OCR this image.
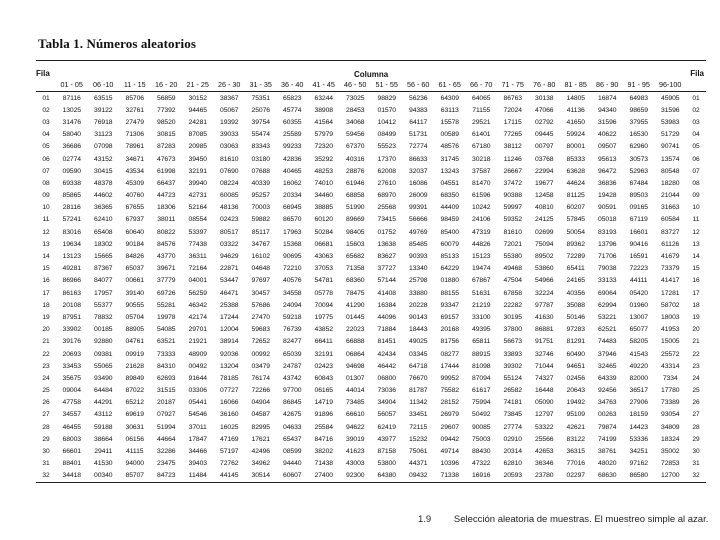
Tabla 1. Números aleatorios
Fila	Columna	Fila
01 - 05	06 -10	11 - 15	16 - 20	21 - 25	26 - 30	31 - 35	36 - 40	41 - 45	46 - 50	51 - 55	56 - 60	61 - 65	66 - 70	71 - 75	76 - 80	81 - 85	86 - 90	91 - 95	96-100
01	87116	63515	85706	56859	30152	38367	75351	65823	63244	73025	98829	56236	64309	64065	86763	30138	14805	16874	64983	45905	01
02	13025	39122	32761	77392	94465	05067	25076	45774	38908	28453	01570	94383	63113	71155	72024	47066	41136	94340	98659	31596	02
03	31476	76918	27479	98520	24281	19392	39754	60355	41564	34068	10412	64117	15578	29521	17115	02792	41650	31596	37955	53983	03
04	58040	31123	71306	30815	87085	39033	55474	25589	57979	59456	08499	51731	00589	61401	77265	09445	59924	40622	16530	51729	04
05	36686	07098	78961	87283	20985	03063	83343	99233	72320	67370	55523	72774	48576	67180	38112	00797	80001	09507	62960	90741	05
06	02774	43152	34671	47673	39450	81610	03180	42836	35292	40316	17370	86633	31745	30218	11246	03768	85333	95613	30573	13574	06
07	09590	30415	43534	61998	32191	07690	07688	40465	48253	28876	62008	32037	13243	37587	26667	22994	63628	96472	52963	80548	07
08	69338	48378	45309	66437	39940	08224	40339	16062	74010	61946	27610	16086	04551	81470	37472	19677	44624	36836	67484	18280	08
09	85865	44602	40760	44723	42731	60085	95257	20334	34460	68858	68970	26009	68350	61596	90388	12458	81125	19428	89503	21044	09
10	28116	36365	67655	18306	52164	48136	70003	66945	38885	51990	25568	99391	44409	10242	59997	40810	60207	90591	09165	31663	10
11	57241	62410	67937	38011	08554	02423	59882	86570	60120	89669	73415	56666	98459	24106	59352	24125	57845	05018	67119	60584	11
12	83016	65408	60640	80822	53397	80517	85117	17963	50284	98405	01752	49769	85400	47319	81610	02699	50054	83193	16601	83727	12
13	19634	18302	90184	84576	77438	03322	34767	15368	06681	15603	13638	85485	60079	44826	72021	75094	89362	13796	90416	61126	13
14	13123	15665	84826	43770	36311	94629	16102	90695	43063	65682	83627	90393	85133	15123	55380	89502	72289	71706	16591	41679	14
15	49281	87367	65037	39671	72164	22871	04648	72210	37053	71358	37727	13340	64229	19474	49468	53860	65411	79038	72223	73379	15
16	86966	84077	00661	37779	04001	53447	97697	40576	54781	68360	57144	25798	01880	67867	47504	54966	24165	33133	44111	41417	16
17	86163	17957	39140	69726	56259	46471	30457	34558	05778	78475	41408	33880	88155	51631	67858	32224	40356	69064	05420	17281	17
18	20108	55377	90555	55281	46342	25388	57686	24094	70094	41290	16384	20228	93347	21219	22282	97787	35088	62994	01960	58702	18
19	87951	78832	05704	19978	42174	17244	27470	59218	19775	01445	44096	90143	69157	33100	30195	41630	50146	53221	13007	18003	19
20	33902	00185	88905	54085	29701	12004	59683	76739	43852	22023	71884	18443	20168	49395	37800	86881	97283	62521	65077	41953	20
21	39176	92880	04761	63521	21921	38914	72652	82477	66411	66888	81451	49025	81756	65811	56673	91751	81291	74483	58205	15005	21
22	20693	09381	09919	73333	48909	92036	00992	65039	32191	06864	42434	03345	08277	88915	33893	32746	60490	37946	41543	25572	22
23	33453	55065	21628	84310	00492	13204	03479	24787	02423	94698	46442	64718	17444	81098	39302	71044	94651	32465	49220	43314	23
24	35675	93490	89849	62693	91644	78185	76174	43742	60843	01307	06800	76670	99952	87094	55124	74327	02456	64339	82000	7334	24
25	09004	64484	87022	31515	03306	07727	72266	97700	06165	44014	73036	81787	75582	61617	26582	16448	20643	92456	36517	17780	25
26	47758	44291	65212	20187	05441	16066	04904	86845	14719	73485	34904	11342	28152	75994	74181	05090	19492	34763	27906	73389	26
27	34557	43112	69619	07927	54546	36160	04587	42675	91896	66610	56057	33451	26979	50492	73845	12797	95109	00263	18159	93054	27
28	46455	59188	30631	51994	37011	16025	82995	04633	25584	94622	62419	72115	29607	90085	27774	53322	42621	79874	14423	34809	28
29	68003	38664	06156	44664	17847	47169	17621	65437	84716	39019	43977	15232	09442	75003	02910	25566	83122	74199	53336	18324	29
30	66601	29411	41115	32286	34466	57197	42496	08599	38202	41623	87158	75061	49714	88430	20314	42653	36315	38761	34251	35002	30
31	88401	41530	94000	23475	39403	72762	34962	94440	71438	43003	53800	44371	10396	47322	62810	36346	77016	48020	97162	72853	31
32	34418	00340	85707	84723	11484	44145	30514	60607	27400	92300	64380	09432	71338	16916	20593	23780	02297	68630	86580	12700	32
1.9 Selección aleatoria de muestras. El muestreo simple al azar.
